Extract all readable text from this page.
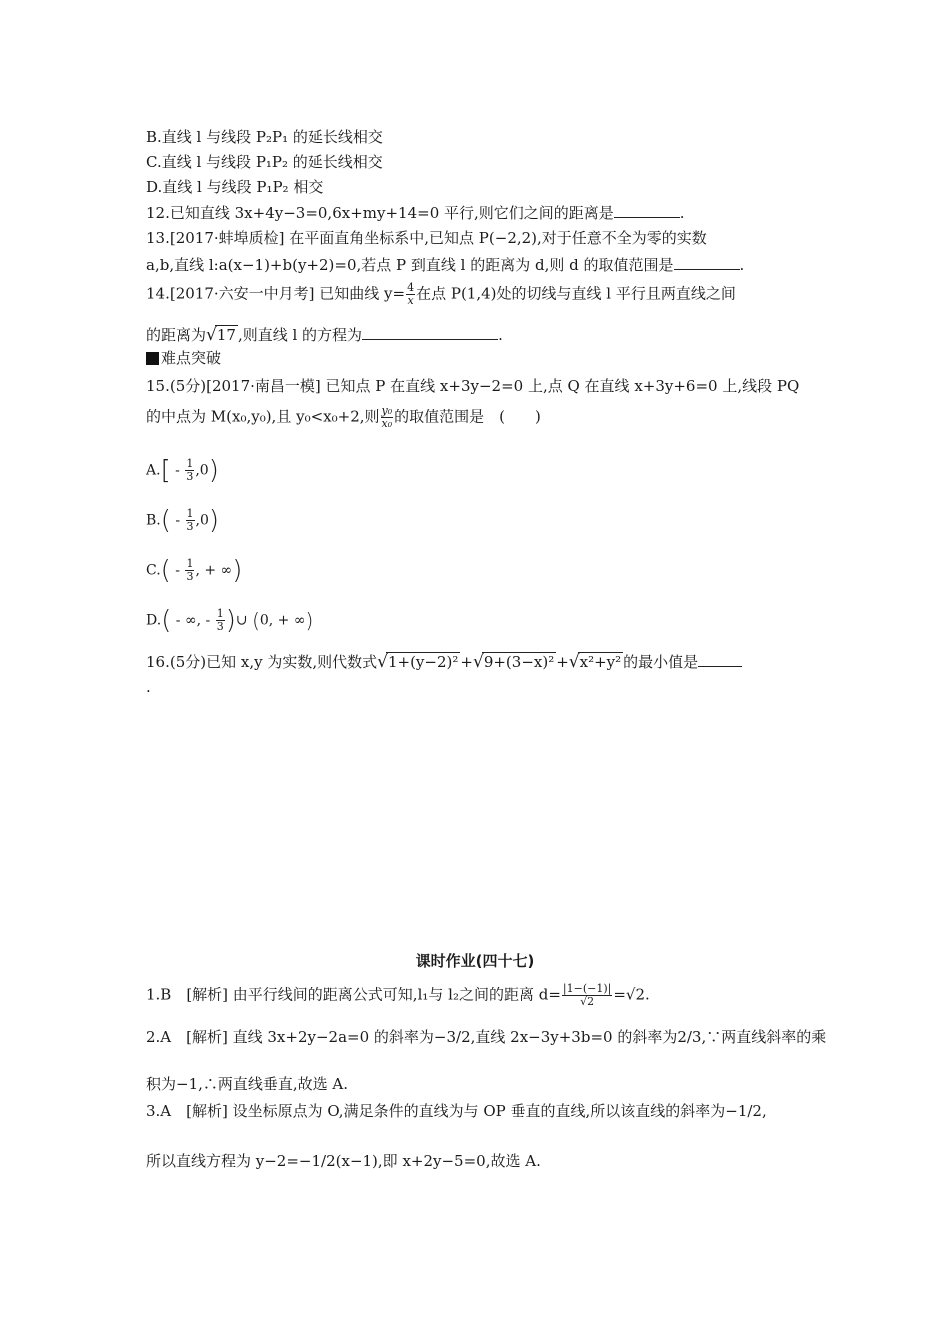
B.直线 l 与线段 P₂P₁ 的延长线相交
C.直线 l 与线段 P₁P₂ 的延长线相交
D.直线 l 与线段 P₁P₂ 相交
12.已知直线 3x+4y−3=0,6x+my+14=0 平行,则它们之间的距离是	.
13.[2017·蚌埠质检] 在平面直角坐标系中,已知点 P(−2,2),对于任意不全为零的实数
a,b,直线 l:a(x−1)+b(y+2)=0,若点 P 到直线 l 的距离为 d,则 d 的取值范围是	.
14.[2017·六安一中月考] 已知曲线 $y= \frac{4}{x}$ 在点 P(1,4)处的切线与直线 l 平行且两直线之间
的距离为√17 ,则直线 l 的方程为	.
难点突破
15.(5分)[2017·南昌一模] 已知点 P 在直线 x+3y−2=0 上,点 Q 在直线 x+3y+6=0 上,线段 PQ
的中点为 M(x₀,y₀),且 y₀<x₀+2,则 $\frac{\text{y₀}}{\text{x₀}}$ 的取值范围是　(　　)
$A.[ - \frac{1}{3} ,0)$
$B.( - \frac{1}{3} ,0)$
$C.( - \frac{1}{3}$ , + ∞)
D.( - ∞, - $\frac{1}{3}$ )∪ (0, + ∞)
16.(5分)已知 x,y 为实数,则代数式√1+(y−2)² +√9+(3−x)² +√x²+y² 的最小值是
.
课时作业(四十七)
1.B　[解析] 由平行线间的距离公式可知,l₁与 l₂之间的距离 $d= \frac{|1-(-1)|}{√2} =√2$.
2.A　[解析] 直线 3x+2y−2a=0 的斜率为−3/2,直线 2x−3y+3b=0 的斜率为2/3,∵两直线斜率的乘
积为−1,∴两直线垂直,故选 A.
3.A　[解析] 设坐标原点为 O,满足条件的直线为与 OP 垂直的直线,所以该直线的斜率为−1/2,
所以直线方程为 y−2=−1/2(x−1),即 x+2y−5=0,故选 A.
